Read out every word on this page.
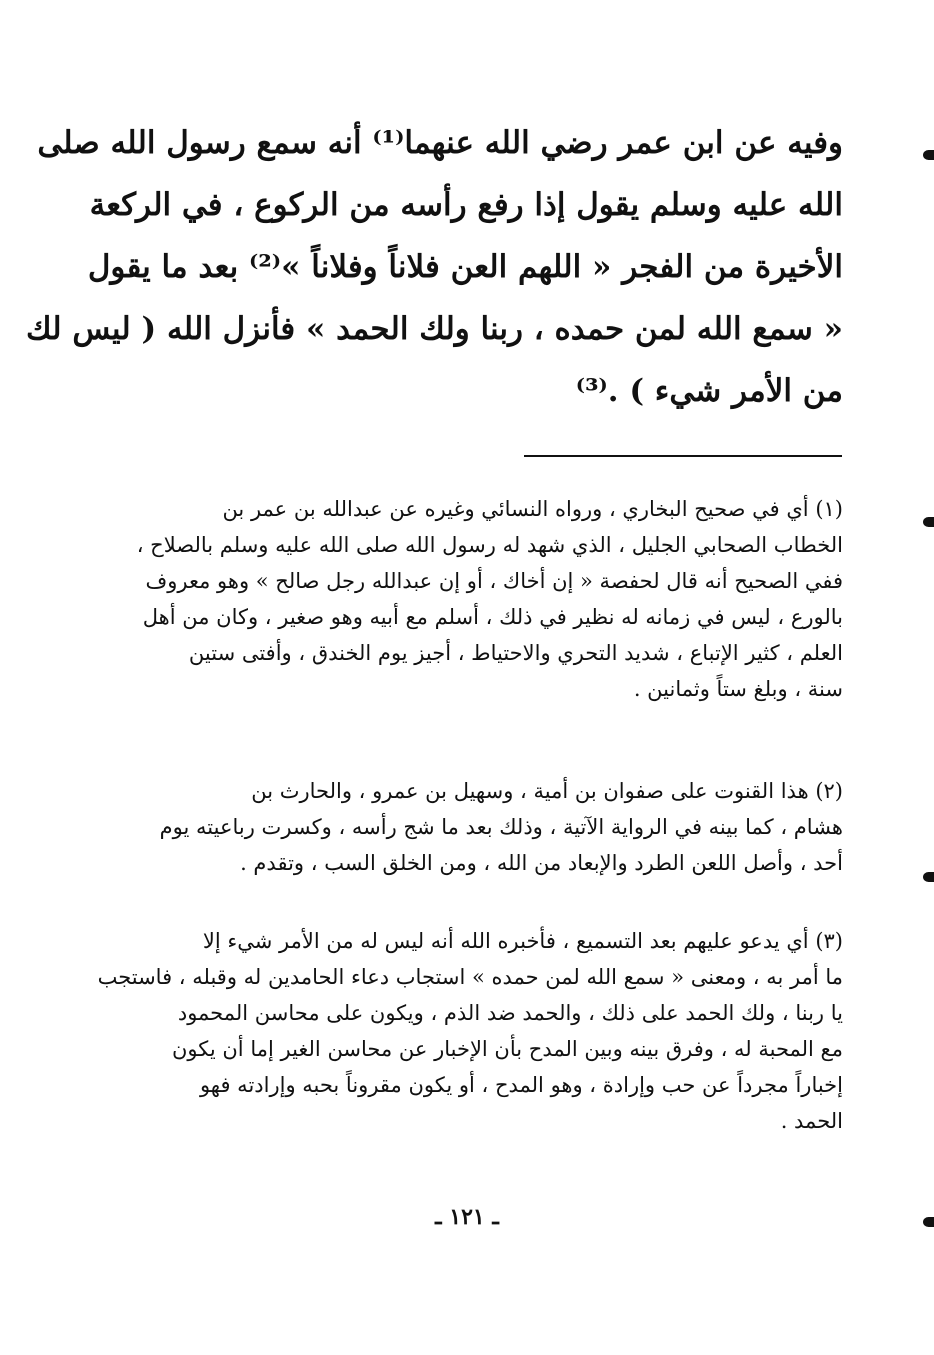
وفيه عن ابن عمر رضي الله عنهما⁽¹⁾ أنه سمع رسول الله صلى
الله عليه وسلم يقول إذا رفع رأسه من الركوع ، في الركعة
الأخيرة من الفجر « اللهم العن فلاناً وفلاناً »⁽²⁾ بعد ما يقول
« سمع الله لمن حمده ، ربنا ولك الحمد » فأنزل الله ( ليس لك
من الأمر شيء ) .⁽³⁾
(١) أي في صحيح البخاري ، ورواه النسائي وغيره عن عبدالله بن عمر بن
الخطاب الصحابي الجليل ، الذي شهد له رسول الله صلى الله عليه وسلم بالصلاح ،
ففي الصحيح أنه قال لحفصة « إن أخاك ، أو إن عبدالله رجل صالح » وهو معروف
بالورع ، ليس في زمانه له نظير في ذلك ، أسلم مع أبيه وهو صغير ، وكان من أهل
العلم ، كثير الإتباع ، شديد التحري والاحتياط ، أجيز يوم الخندق ، وأفتى ستين
سنة ، وبلغ ستاً وثمانين .
(٢) هذا القنوت على صفوان بن أمية ، وسهيل بن عمرو ، والحارث بن
هشام ، كما بينه في الرواية الآتية ، وذلك بعد ما شج رأسه ، وكسرت رباعيته يوم
أحد ، وأصل اللعن الطرد والإبعاد من الله ، ومن الخلق السب ، وتقدم .
(٣) أي يدعو عليهم بعد التسميع ، فأخبره الله أنه ليس له من الأمر شيء إلا
ما أمر به ، ومعنى « سمع الله لمن حمده » استجاب دعاء الحامدين له وقبله ، فاستجب
يا ربنا ، ولك الحمد على ذلك ، والحمد ضد الذم ، ويكون على محاسن المحمود
مع المحبة له ، وفرق بينه وبين المدح بأن الإخبار عن محاسن الغير إما أن يكون
إخباراً مجرداً عن حب وإرادة ، وهو المدح ، أو يكون مقروناً بحبه وإرادته فهو
الحمد .
ـ ١٢١ ـ
